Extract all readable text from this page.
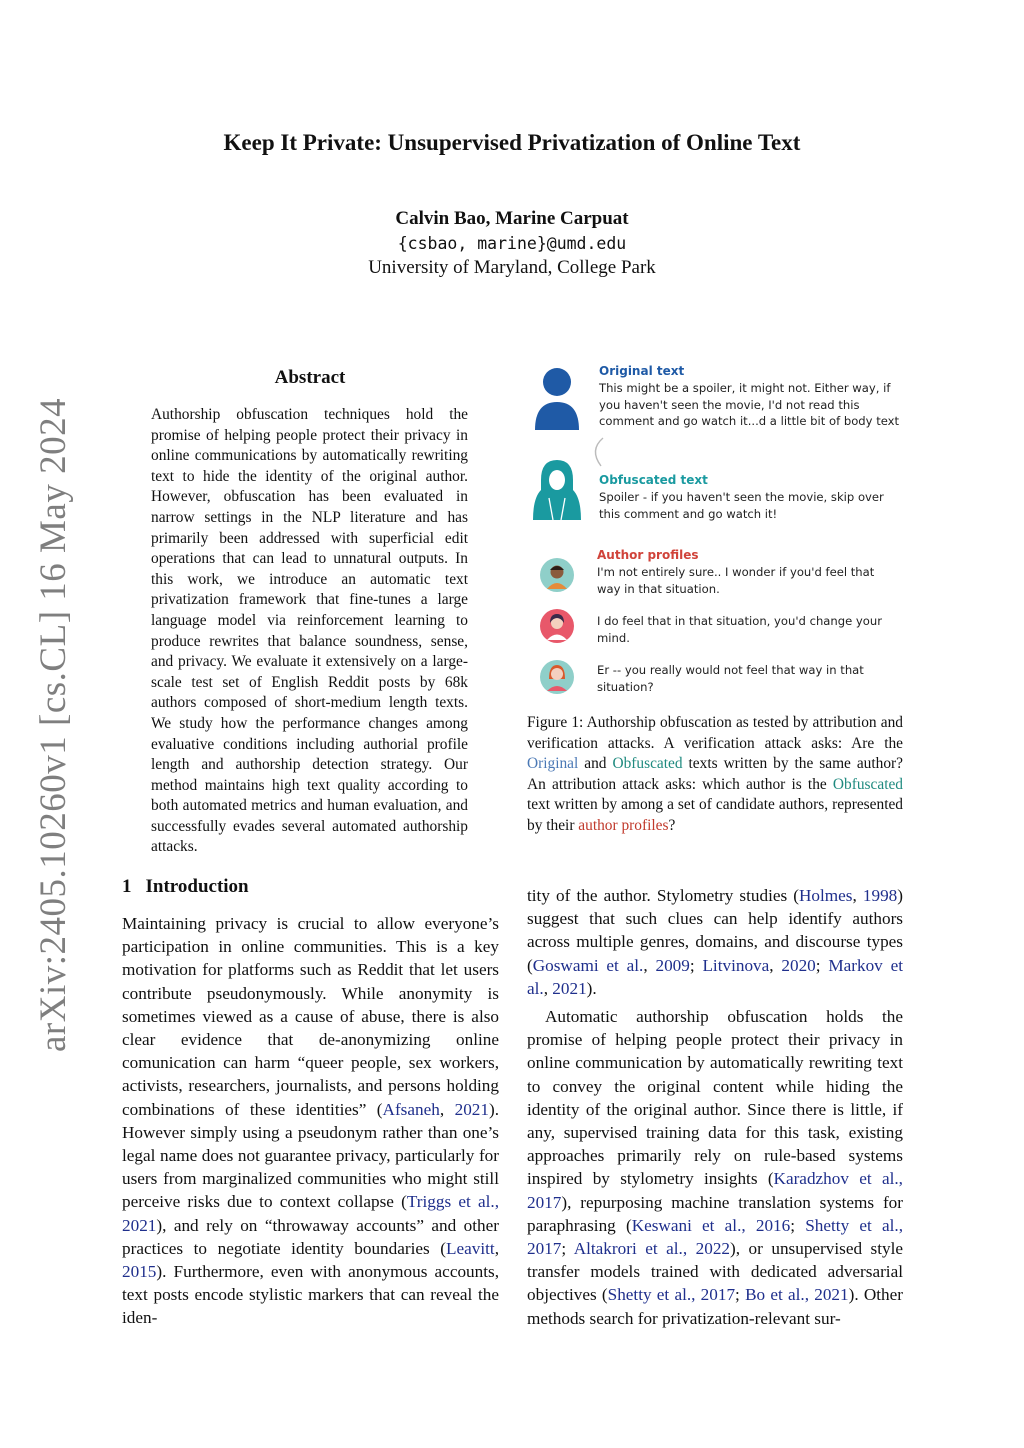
Keep It Private: Unsupervised Privatization of Online Text
Calvin Bao, Marine Carpuat
{csbao, marine}@umd.edu
University of Maryland, College Park
arXiv:2405.10260v1 [cs.CL] 16 May 2024
Abstract
Authorship obfuscation techniques hold the promise of helping people protect their privacy in online communications by automatically rewriting text to hide the identity of the original author. However, obfuscation has been evaluated in narrow settings in the NLP literature and has primarily been addressed with superficial edit operations that can lead to unnatural outputs. In this work, we introduce an automatic text privatization framework that fine-tunes a large language model via reinforcement learning to produce rewrites that balance soundness, sense, and privacy. We evaluate it extensively on a large-scale test set of English Reddit posts by 68k authors composed of short-medium length texts. We study how the performance changes among evaluative conditions including authorial profile length and authorship detection strategy. Our method maintains high text quality according to both automated metrics and human evaluation, and successfully evades several automated authorship attacks.
Original text
This might be a spoiler, it might not. Either way, if you haven't seen the movie, I'd not read this comment and go watch it...d a little bit of body text
Obfuscated text
Spoiler - if you haven't seen the movie, skip over this comment and go watch it!
Author profiles
I'm not entirely sure.. I wonder if you'd feel that way in that situation.
I do feel that in that situation, you'd change your mind.
Er -- you really would not feel that way in that situation?
Figure 1: Authorship obfuscation as tested by attribution and verification attacks. A verification attack asks: Are the Original and Obfuscated texts written by the same author? An attribution attack asks: which author is the Obfuscated text written by among a set of candidate authors, represented by their author profiles?
1 Introduction

Maintaining privacy is crucial to allow everyone’s participation in online communities. This is a key motivation for platforms such as Reddit that let users contribute pseudonymously. While anonymity is sometimes viewed as a cause of abuse, there is also clear evidence that de-anonymizing online comunication can harm “queer people, sex workers, activists, researchers, journalists, and persons holding combinations of these identities” (Afsaneh, 2021). However simply using a pseudonym rather than one’s legal name does not guarantee privacy, particularly for users from marginalized communities who might still perceive risks due to context collapse (Triggs et al., 2021), and rely on “throwaway accounts” and other practices to negotiate identity boundaries (Leavitt, 2015). Furthermore, even with anonymous accounts, text posts encode stylistic markers that can reveal the iden-

tity of the author. Stylometry studies (Holmes, 1998) suggest that such clues can help identify authors across multiple genres, domains, and discourse types (Goswami et al., 2009; Litvinova, 2020; Markov et al., 2021).

Automatic authorship obfuscation holds the promise of helping people protect their privacy in online communication by automatically rewriting text to convey the original content while hiding the identity of the original author. Since there is little, if any, supervised training data for this task, existing approaches primarily rely on rule-based systems inspired by stylometry insights (Karadzhov et al., 2017), repurposing machine translation systems for paraphrasing (Keswani et al., 2016; Shetty et al., 2017; Altakrori et al., 2022), or unsupervised style transfer models trained with dedicated adversarial objectives (Shetty et al., 2017; Bo et al., 2021). Other methods search for privatization-relevant sur-
